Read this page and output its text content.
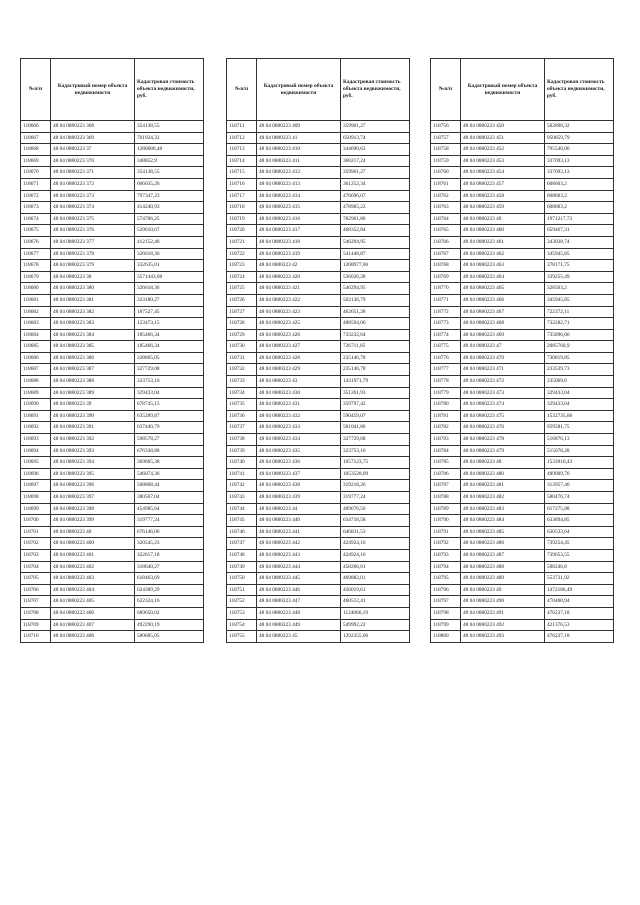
№п/п	Кадастровый номер объекта недвижимости	Кадастровая стоимость объекта недвижимости, руб.
118666	48 04 0880223 368	354138,55
118667	48 04 0880223 369	701934,32
118668	48 04 0880223 37	1280680,48
118669	48 04 0880223 370	348852,9
118670	48 04 0880223 371	354138,55
118671	48 04 0880223 372	606035,26
118672	48 04 0880223 373	797347,23
118673	48 04 0880223 374	414240,93
118674	48 04 0880223 375	574706,25
118675	48 04 0880223 376	529610,67
118676	48 04 0880223 377	412152,46
118677	48 04 0880223 378	326618,36
118678	48 04 0880223 379	332635,01
118679	48 04 0880223 38	3571443,68
118680	48 04 0880223 380	326618,36
118681	48 04 0880223 381	323180,27
118682	48 04 0880223 382	187527,45
118683	48 04 0880223 383	123473,15
118684	48 04 0880223 384	185466,34
118685	48 04 0880223 385	185466,34
118686	48 04 0880223 386	328865,05
118687	48 04 0880223 387	327729,08
118688	48 04 0880223 388	323753,16
118689	48 04 0880223 389	329433,04
118690	48 04 0880223 39	678745,15
118691	48 04 0880223 390	635289,87
118692	48 04 0880223 391	637440,79
118693	48 04 0880223 392	598578,27
118694	48 04 0880223 393	676338,88
118695	48 04 0880223 394	369665,38
118696	48 04 0880223 395	546074,36
118697	48 04 0880223 396	568868,44
118698	48 04 0880223 397	380567,04
118699	48 04 0880223 398	454985,64
118700	48 04 0880223 399	319777,24
118701	48 04 0880223 40	676146,06
118702	48 04 0880223 400	320545,23
118703	48 04 0880223 401	322617,18
118704	48 04 0880223 402	318640,27
118705	48 04 0880223 403	618463,69
118706	48 04 0880223 404	624389,29
118707	48 04 0880223 405	622324,16
118708	48 04 0880223 406	689650,02
118709	48 04 0880223 407	492290,19
118710	48 04 0880223 408	580685,05
№п/п	Кадастровый номер объекта недвижимости	Кадастровая стоимость объекта недвижимости, руб.
118711	48 04 0880223 409	359961,27
118712	48 04 0880223 41	650913,74
118713	48 04 0880223 410	344690,63
118714	48 04 0880223 411	360217,24
118715	48 04 0880223 412	359961,27
118716	48 04 0880223 413	361252,34
118717	48 04 0880223 414	476696,07
118718	48 04 0880223 415	478965,22
118719	48 04 0880223 416	782961,86
118720	48 04 0880223 417	468352,84
118721	48 04 0880223 418	546294,95
118722	48 04 0880223 419	541448,87
118723	48 04 0880223 42	1268977,06
118724	48 04 0880223 420	536026,28
118725	48 04 0880223 421	546294,95
118726	48 04 0880223 422	502136,79
118727	48 04 0880223 423	462651,28
118728	48 04 0880223 425	488594,06
118729	48 04 0880223 426	733232,64
118730	48 04 0880223 427	726711,05
118731	48 04 0880223 428	235146,78
118732	48 04 0880223 429	235146,78
118733	48 04 0880223 43	1431971,79
118734	48 04 0880223 430	351261,93
118735	48 04 0880223 431	359797,42
118736	48 04 0880223 432	590459,07
118737	48 04 0880223 433	581041,86
118738	48 04 0880223 434	327729,08
118739	48 04 0880223 435	323753,16
118740	48 04 0880223 436	1057123,75
118741	48 04 0880223 437	1053528,09
118742	48 04 0880223 438	319218,26
118743	48 04 0880223 439	319777,24
118744	48 04 0880223 44	489676,56
118745	48 04 0880223 440	634718,58
118746	48 04 0880223 441	646831,53
118747	48 04 0880223 442	424924,16
118748	48 04 0880223 443	424924,16
118749	48 04 0880223 444	458266,01
118750	48 04 0880223 445	469882,01
118751	48 04 0880223 446	456019,61
118752	48 04 0880223 447	460512,41
118753	48 04 0880223 448	1124066,19
118754	48 04 0880223 449	549992,22
118755	48 04 0880223 45	1292355,06
№п/п	Кадастровый номер объекта недвижимости	Кадастровая стоимость объекта недвижимости, руб.
118756	48 04 0880223 450	502898,32
118757	48 04 0880223 451	950859,79
118758	48 04 0880223 452	795540,06
118759	48 04 0880223 453	337093,13
118760	48 04 0880223 454	337093,13
118761	48 04 0880223 457	608603,2
118762	48 04 0880223 458	608603,2
118763	48 04 0880223 459	608603,2
118764	48 04 0880223 46	1971217,73
118765	48 04 0880223 460	659467,31
118766	48 04 0880223 461	343038,74
118767	48 04 0880223 462	345945,85
118768	48 04 0880223 463	378171,75
118769	48 04 0880223 464	339255,49
118770	48 04 0880223 465	328503,2
118771	48 04 0880223 466	345945,85
118772	48 04 0880223 467	722372,11
118773	48 04 0880223 468	732282,71
118774	48 04 0880223 469	735896,66
118775	48 04 0880223 47	2085760,9
118776	48 04 0880223 470	730819,85
118777	48 04 0880223 471	233539,73
118778	48 04 0880223 472	235069,6
118779	48 04 0880223 473	329433,04
118780	48 04 0880223 474	329433,04
118781	48 04 0880223 475	1532735,66
118782	48 04 0880223 476	959581,75
118783	48 04 0880223 478	516876,13
118784	48 04 0880223 479	515078,28
118785	48 04 0880223 48	1533910,43
118786	48 04 0880223 480	489009,76
118787	48 04 0880223 481	313957,46
118788	48 04 0880223 482	580476,74
118789	48 04 0880223 483	617275,88
118790	48 04 0880223 484	633894,85
118791	48 04 0880223 485	630533,64
118792	48 04 0880223 486	739254,45
118793	48 04 0880223 487	739653,55
118794	48 04 0880223 488	508246,8
118795	48 04 0880223 489	553731,92
118796	48 04 0880223 49	1472186,49
118797	48 04 0880223 490	470400,94
118798	48 04 0880223 491	476237,18
118799	48 04 0880223 492	421376,53
118800	48 04 0880223 493	476237,18
